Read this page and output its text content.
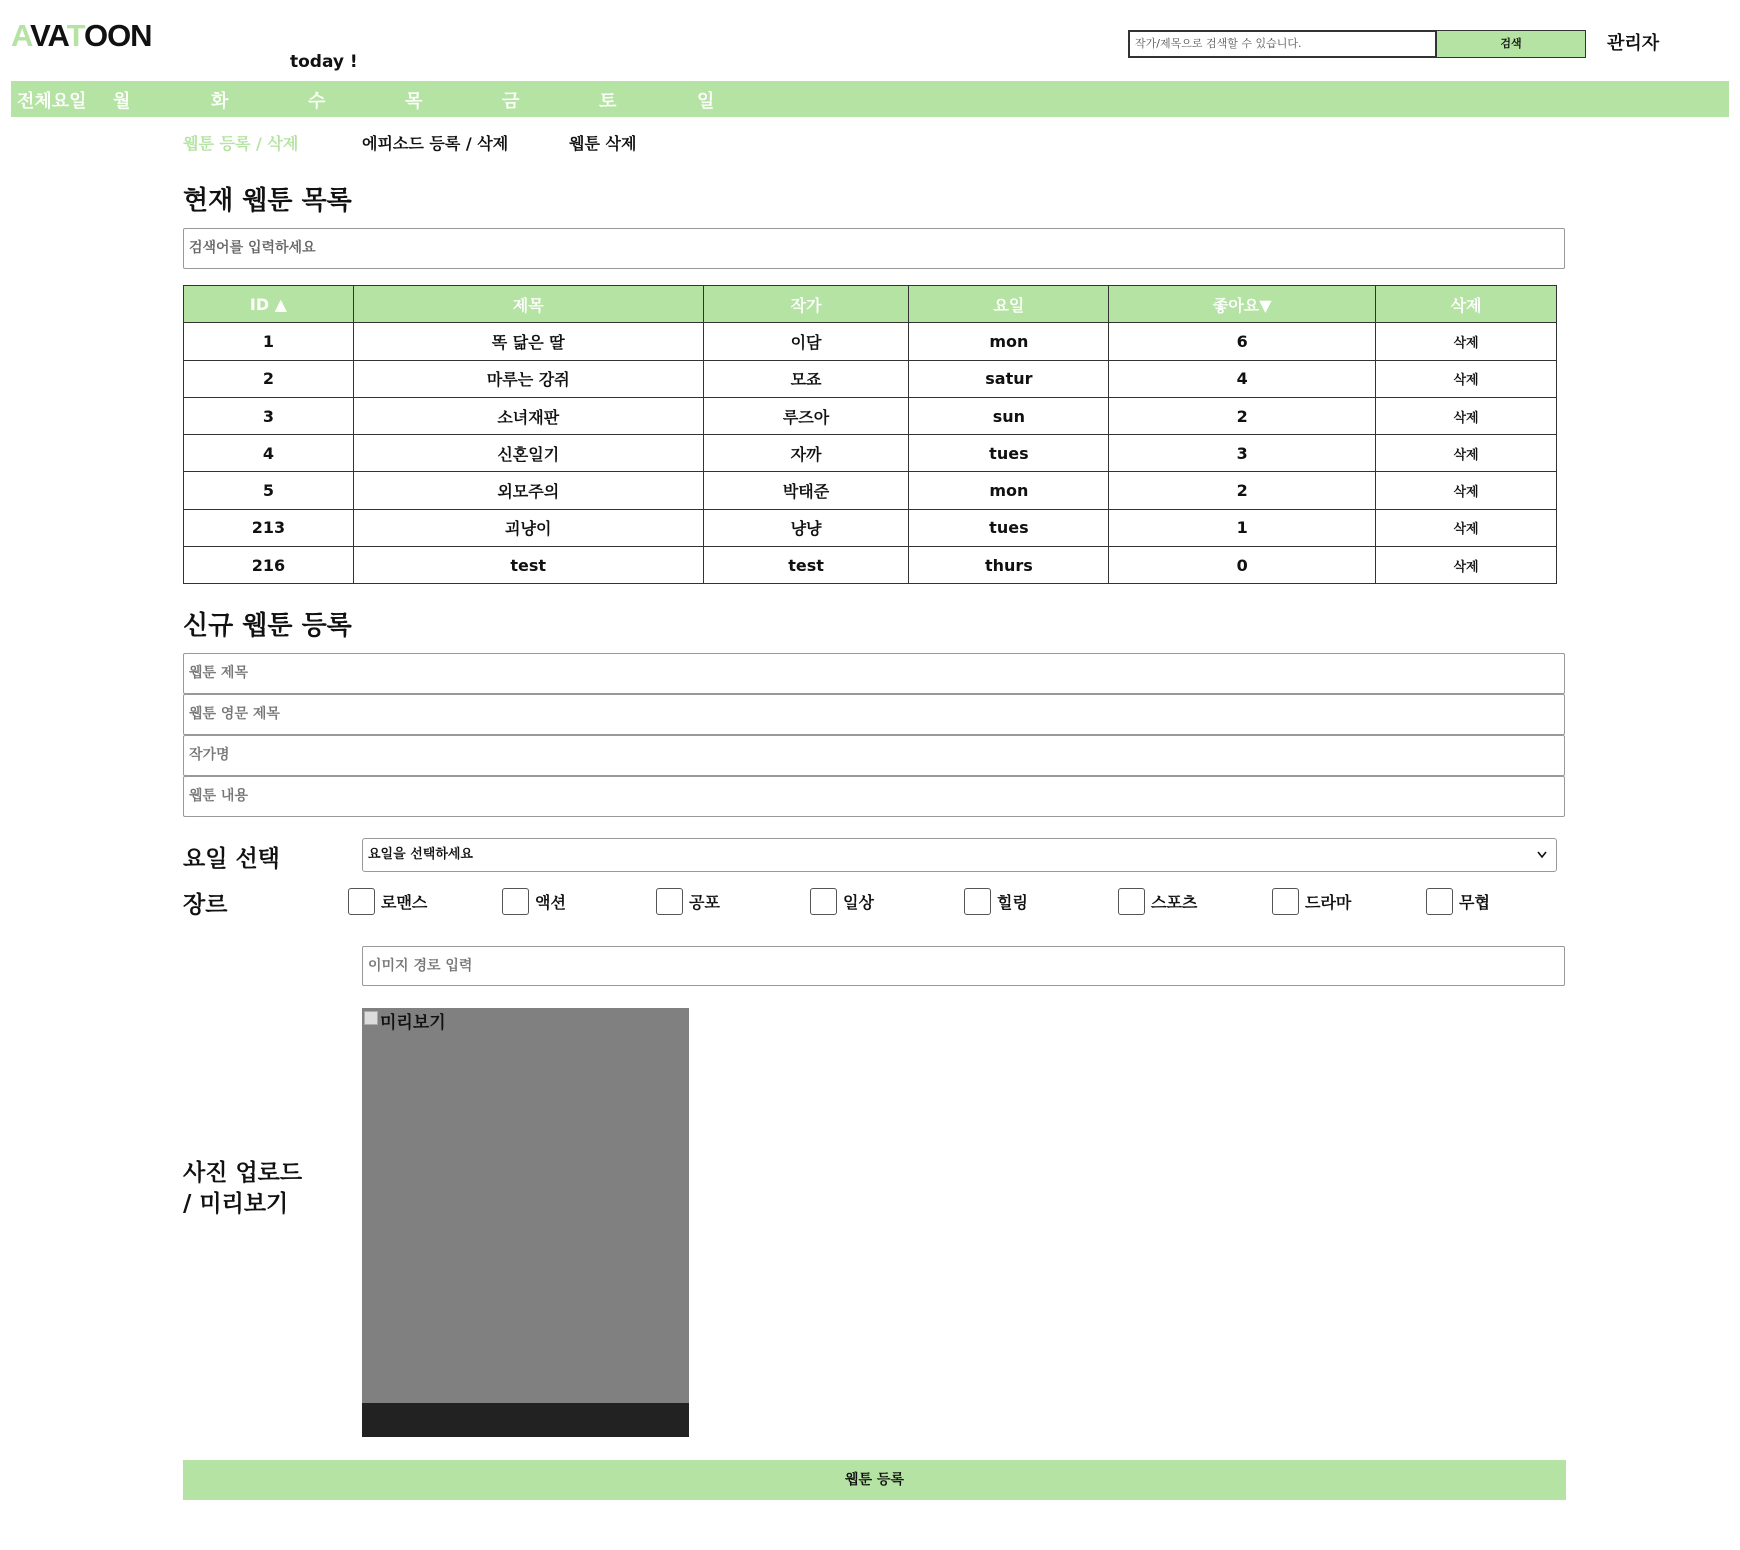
AVATOON
today !
작가/제목으로 검색할 수 있습니다.	검색	관리자
전체요일 월	화	수	목	금	토	일
웹툰 등록 / 삭제	에피소드 등록 / 삭제	웹툰 삭제
현재 웹툰 목록
검색어를 입력하세요
ID ▲	제목	작가	요일	좋아요▼	삭제
1	똑 닮은 딸	이담	mon	6	삭제
2	마루는 강쥐	모죠	satur	4	삭제
3	소녀재판	루즈아	sun	2	삭제
4	신혼일기	자까	tues	3	삭제
5	외모주의	박태준	mon	2	삭제
213	괴냥이	냥냥	tues	1	삭제
216	test	test	thurs	0	삭제
신규 웹툰 등록
웹툰 제목
웹툰 영문 제목
작가명
웹툰 내용
요일 선택	요일을 선택하세요
장르	로맨스	액션	공포	일상	힐링	스포츠	드라마	무협
이미지 경로 입력
미리보기
사진 업로드
/ 미리보기
웹툰 등록
